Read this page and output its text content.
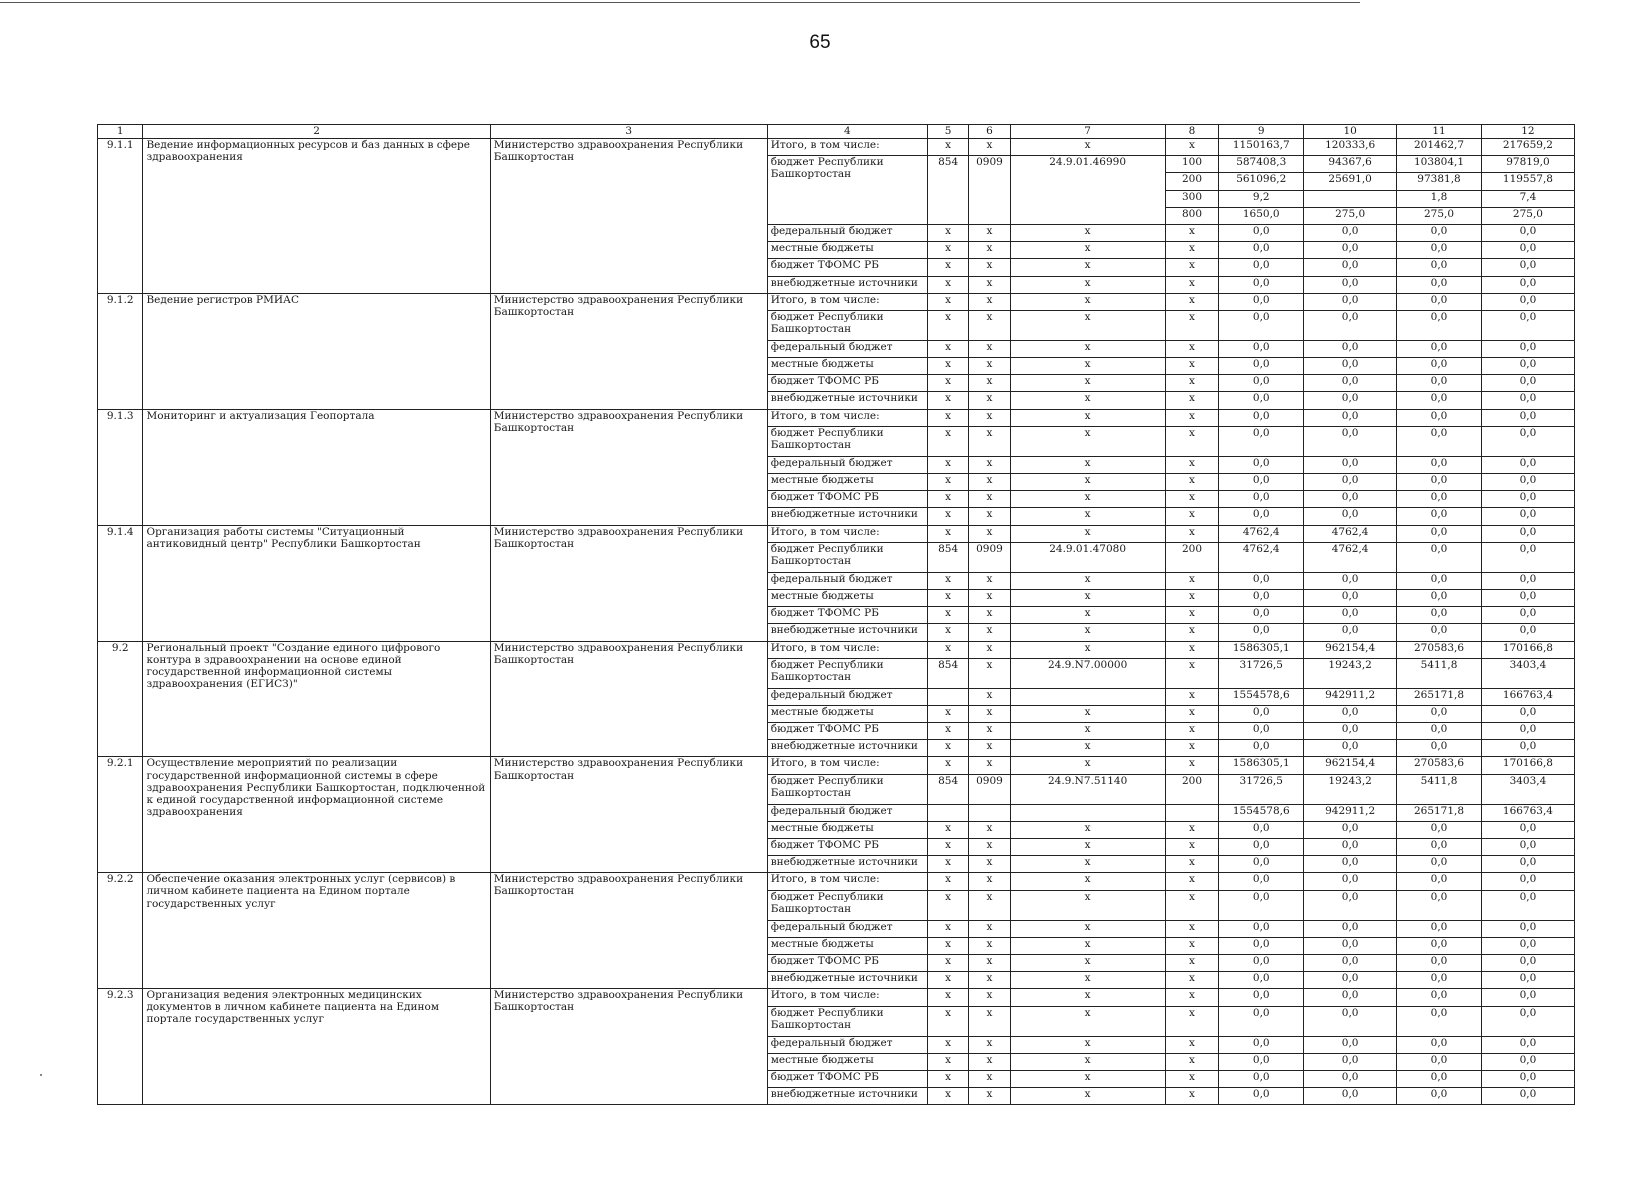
65
1	2	3	4	5	6	7	8	9	10	11	12
9.1.1	Ведение информационных ресурсов и баз данных в сфере здравоохранения	Министерство здравоохранения Республики Башкортостан	Итого, в том числе:	х	х	х	х	1150163,7	120333,6	201462,7	217659,2
			бюджет Республики Башкортостан	854	0909	24.9.01.46990	100	587408,3	94367,6	103804,1	97819,0
							200	561096,2	25691,0	97381,8	119557,8
							300	9,2		1,8	7,4
							800	1650,0	275,0	275,0	275,0
			федеральный бюджет	х	х	х	х	0,0	0,0	0,0	0,0
			местные бюджеты	х	х	х	х	0,0	0,0	0,0	0,0
			бюджет ТФОМС РБ	х	х	х	х	0,0	0,0	0,0	0,0
			внебюджетные источники	х	х	х	х	0,0	0,0	0,0	0,0
9.1.2	Ведение регистров РМИАС	Министерство здравоохранения Республики Башкортостан	Итого, в том числе:	х	х	х	х	0,0	0,0	0,0	0,0
			бюджет Республики Башкортостан	х	х	х	х	0,0	0,0	0,0	0,0
			федеральный бюджет	х	х	х	х	0,0	0,0	0,0	0,0
			местные бюджеты	х	х	х	х	0,0	0,0	0,0	0,0
			бюджет ТФОМС РБ	х	х	х	х	0,0	0,0	0,0	0,0
			внебюджетные источники	х	х	х	х	0,0	0,0	0,0	0,0
9.1.3	Мониторинг и актуализация Геопортала	Министерство здравоохранения Республики Башкортостан	Итого, в том числе:	х	х	х	х	0,0	0,0	0,0	0,0
			бюджет Республики Башкортостан	х	х	х	х	0,0	0,0	0,0	0,0
			федеральный бюджет	х	х	х	х	0,0	0,0	0,0	0,0
			местные бюджеты	х	х	х	х	0,0	0,0	0,0	0,0
			бюджет ТФОМС РБ	х	х	х	х	0,0	0,0	0,0	0,0
			внебюджетные источники	х	х	х	х	0,0	0,0	0,0	0,0
9.1.4	Организация работы системы "Ситуационный антиковидный центр" Республики Башкортостан	Министерство здравоохранения Республики Башкортостан	Итого, в том числе:	х	х	х	х	4762,4	4762,4	0,0	0,0
			бюджет Республики Башкортостан	854	0909	24.9.01.47080	200	4762,4	4762,4	0,0	0,0
			федеральный бюджет	х	х	х	х	0,0	0,0	0,0	0,0
			местные бюджеты	х	х	х	х	0,0	0,0	0,0	0,0
			бюджет ТФОМС РБ	х	х	х	х	0,0	0,0	0,0	0,0
			внебюджетные источники	х	х	х	х	0,0	0,0	0,0	0,0
9.2	Региональный проект "Создание единого цифрового контура в здравоохранении на основе единой государственной информационной системы здравоохранения (ЕГИСЗ)"	Министерство здравоохранения Республики Башкортостан	Итого, в том числе:	х	х	х	х	1586305,1	962154,4	270583,6	170166,8
			бюджет Республики Башкортостан	854	х	24.9.N7.00000	х	31726,5	19243,2	5411,8	3403,4
			федеральный бюджет		х		х	1554578,6	942911,2	265171,8	166763,4
			местные бюджеты	х	х	х	х	0,0	0,0	0,0	0,0
			бюджет ТФОМС РБ	х	х	х	х	0,0	0,0	0,0	0,0
			внебюджетные источники	х	х	х	х	0,0	0,0	0,0	0,0
9.2.1	Осуществление мероприятий по реализации государственной информационной системы в сфере здравоохранения Республики Башкортостан, подключенной к единой государственной информационной системе здравоохранения	Министерство здравоохранения Республики Башкортостан	Итого, в том числе:	х	х	х	х	1586305,1	962154,4	270583,6	170166,8
			бюджет Республики Башкортостан	854	0909	24.9.N7.51140	200	31726,5	19243,2	5411,8	3403,4
			федеральный бюджет					1554578,6	942911,2	265171,8	166763,4
			местные бюджеты	х	х	х	х	0,0	0,0	0,0	0,0
			бюджет ТФОМС РБ	х	х	х	х	0,0	0,0	0,0	0,0
			внебюджетные источники	х	х	х	х	0,0	0,0	0,0	0,0
9.2.2	Обеспечение оказания электронных услуг (сервисов) в личном кабинете пациента на Едином портале государственных услуг	Министерство здравоохранения Республики Башкортостан	Итого, в том числе:	х	х	х	х	0,0	0,0	0,0	0,0
			бюджет Республики Башкортостан	х	х	х	х	0,0	0,0	0,0	0,0
			федеральный бюджет	х	х	х	х	0,0	0,0	0,0	0,0
			местные бюджеты	х	х	х	х	0,0	0,0	0,0	0,0
			бюджет ТФОМС РБ	х	х	х	х	0,0	0,0	0,0	0,0
			внебюджетные источники	х	х	х	х	0,0	0,0	0,0	0,0
9.2.3	Организация ведения электронных медицинских документов в личном кабинете пациента на Едином портале государственных услуг	Министерство здравоохранения Республики Башкортостан	Итого, в том числе:	х	х	х	х	0,0	0,0	0,0	0,0
			бюджет Республики Башкортостан	х	х	х	х	0,0	0,0	0,0	0,0
			федеральный бюджет	х	х	х	х	0,0	0,0	0,0	0,0
			местные бюджеты	х	х	х	х	0,0	0,0	0,0	0,0
			бюджет ТФОМС РБ	х	х	х	х	0,0	0,0	0,0	0,0
			внебюджетные источники	х	х	х	х	0,0	0,0	0,0	0,0
